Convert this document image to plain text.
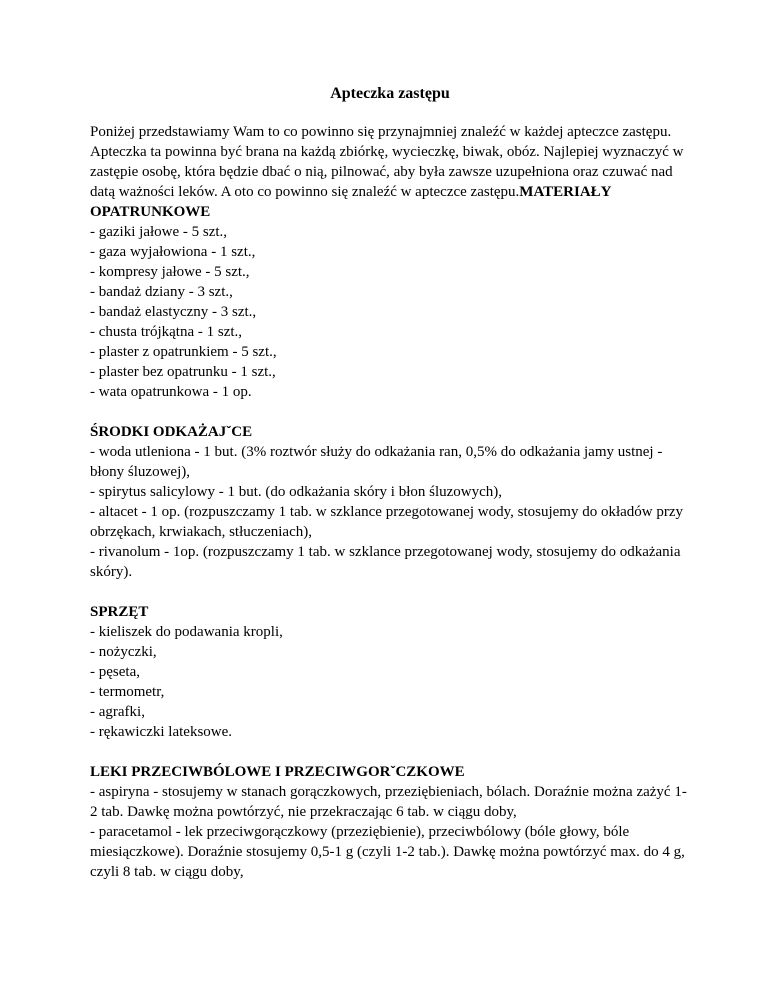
Apteczka zastępu

Poniżej przedstawiamy Wam to co powinno się przynajmniej znaleźć w każdej apteczce zastępu. Apteczka ta powinna być brana na każdą zbiórkę, wycieczkę, biwak, obóz. Najlepiej wyznaczyć w zastępie osobę, która będzie dbać o nią, pilnować, aby była zawsze uzupełniona oraz czuwać nad datą ważności leków. A oto co powinno się znaleźć w apteczce zastępu.MATERIAŁY OPATRUNKOWE

- gaziki jałowe - 5 szt.,
- gaza wyjałowiona - 1 szt.,
- kompresy jałowe - 5 szt.,
- bandaż dziany - 3 szt.,
- bandaż elastyczny - 3 szt.,
- chusta trójkątna - 1 szt.,
- plaster z opatrunkiem - 5 szt.,
- plaster bez opatrunku - 1 szt.,
- wata opatrunkowa - 1 op.

ŚRODKI ODKAŻAJˇCE

- woda utleniona - 1 but. (3% roztwór służy do odkażania ran, 0,5% do odkażania jamy ustnej - błony śluzowej),
- spirytus salicylowy - 1 but. (do odkażania skóry i błon śluzowych),
- altacet - 1 op. (rozpuszczamy 1 tab. w szklance przegotowanej wody, stosujemy do okładów przy obrzękach, krwiakach, stłuczeniach),
- rivanolum - 1op. (rozpuszczamy 1 tab. w szklance przegotowanej wody, stosujemy do odkażania skóry).

SPRZĘT

- kieliszek do podawania kropli,
- nożyczki,
- pęseta,
- termometr,
- agrafki,
- rękawiczki lateksowe.

LEKI PRZECIWBÓLOWE I PRZECIWGORˇCZKOWE

- aspiryna - stosujemy w stanach gorączkowych, przeziębieniach, bólach. Doraźnie można zażyć 1-2 tab. Dawkę można powtórzyć, nie przekraczając 6 tab. w ciągu doby,
- paracetamol - lek przeciwgorączkowy (przeziębienie), przeciwbólowy (bóle głowy, bóle miesiączkowe). Doraźnie stosujemy 0,5-1 g (czyli 1-2 tab.). Dawkę można powtórzyć max. do 4 g, czyli 8 tab. w ciągu doby,
